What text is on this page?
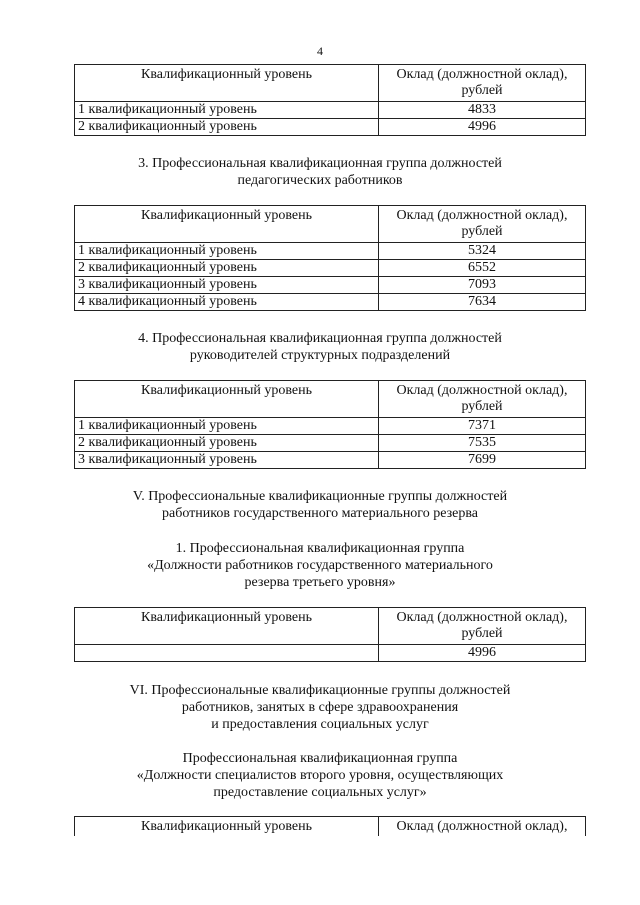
4
Квалификационный уровень	Оклад (должностной оклад),
рублей
1 квалификационный уровень	4833
2 квалификационный уровень	4996
3. Профессиональная квалификационная группа должностей
педагогических работников
Квалификационный уровень	Оклад (должностной оклад),
рублей
1 квалификационный уровень	5324
2 квалификационный уровень	6552
3 квалификационный уровень	7093
4 квалификационный уровень	7634
4. Профессиональная квалификационная группа должностей
руководителей структурных подразделений
Квалификационный уровень	Оклад (должностной оклад),
рублей
1 квалификационный уровень	7371
2 квалификационный уровень	7535
3 квалификационный уровень	7699
V. Профессиональные квалификационные группы должностей
работников государственного материального резерва
1. Профессиональная квалификационная группа
«Должности работников государственного материального
резерва третьего уровня»
Квалификационный уровень	Оклад (должностной оклад),
рублей
	4996
VI. Профессиональные квалификационные группы должностей
работников, занятых в сфере здравоохранения
и предоставления социальных услуг
Профессиональная квалификационная группа
«Должности специалистов второго уровня, осуществляющих
предоставление социальных услуг»
Квалификационный уровень	Оклад (должностной оклад),
